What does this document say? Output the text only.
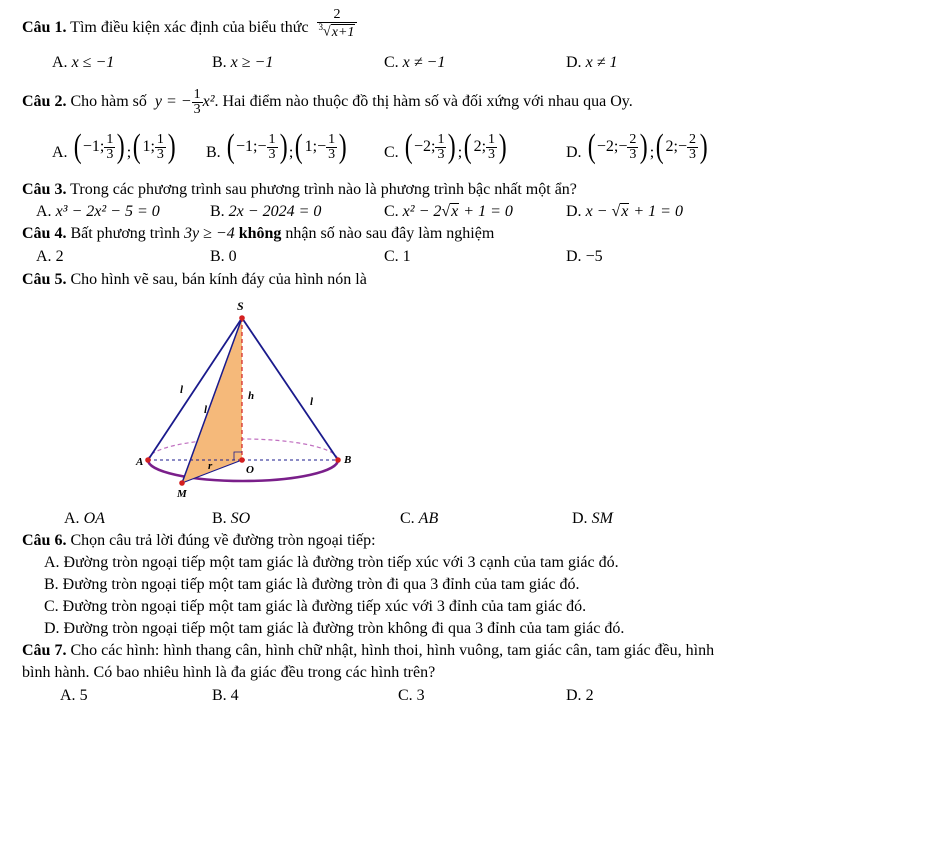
Câu 1. Tìm điều kiện xác định của biểu thức $\frac{2}{^3√x+1}$
A. x ≤ −1	B. x ≥ −1	C. x ≠ −1	D. x ≠ 1
Câu 2. Cho hàm số y = − $\frac{1}{3} x^2$. Hai điểm nào thuộc đồ thị hàm số và đối xứng với nhau qua Oy.
A. ( −1; $\frac{1}{3}$ ) ; ( 1; $\frac{1}{3}$ ) B. ( −1; − $\frac{1}{3}$ ) ; ( 1; − $\frac{1}{3}$ ) C. ( −2; $\frac{1}{3}$ ) ; ( 2; $\frac{1}{3}$ )	D. ( −2; − $\frac{2}{3}$ ) ; ( 2; − $\frac{2}{3}$ )
Câu 3. Trong các phương trình sau phương trình nào là phương trình bậc nhất một ẩn?
A. x³ − 2x² − 5 = 0	B. 2x − 2024 = 0	C. x² − 2√x + 1 = 0	D. x − √x + 1 = 0
Câu 4. Bất phương trình 3y ≥ −4 không nhận số nào sau đây làm nghiệm
A. 2	B. 0	C. 1	D. −5
Câu 5. Cho hình vẽ sau, bán kính đáy của hình nón là
S
l
l
l
h
A
O
B
r
M
A. OA	B. SO	C. AB	D. SM
Câu 6. Chọn câu trả lời đúng về đường tròn ngoại tiếp:
A. Đường tròn ngoại tiếp một tam giác là đường tròn tiếp xúc với 3 cạnh của tam giác đó.
B. Đường tròn ngoại tiếp một tam giác là đường tròn đi qua 3 đỉnh của tam giác đó.
C. Đường tròn ngoại tiếp một tam giác là đường tiếp xúc với 3 đỉnh của tam giác đó.
D. Đường tròn ngoại tiếp một tam giác là đường tròn không đi qua 3 đỉnh của tam giác đó.
Câu 7. Cho các hình: hình thang cân, hình chữ nhật, hình thoi, hình vuông, tam giác cân, tam giác đều, hình
bình hành. Có bao nhiêu hình là đa giác đều trong các hình trên?
A. 5	B. 4	C. 3	D. 2
